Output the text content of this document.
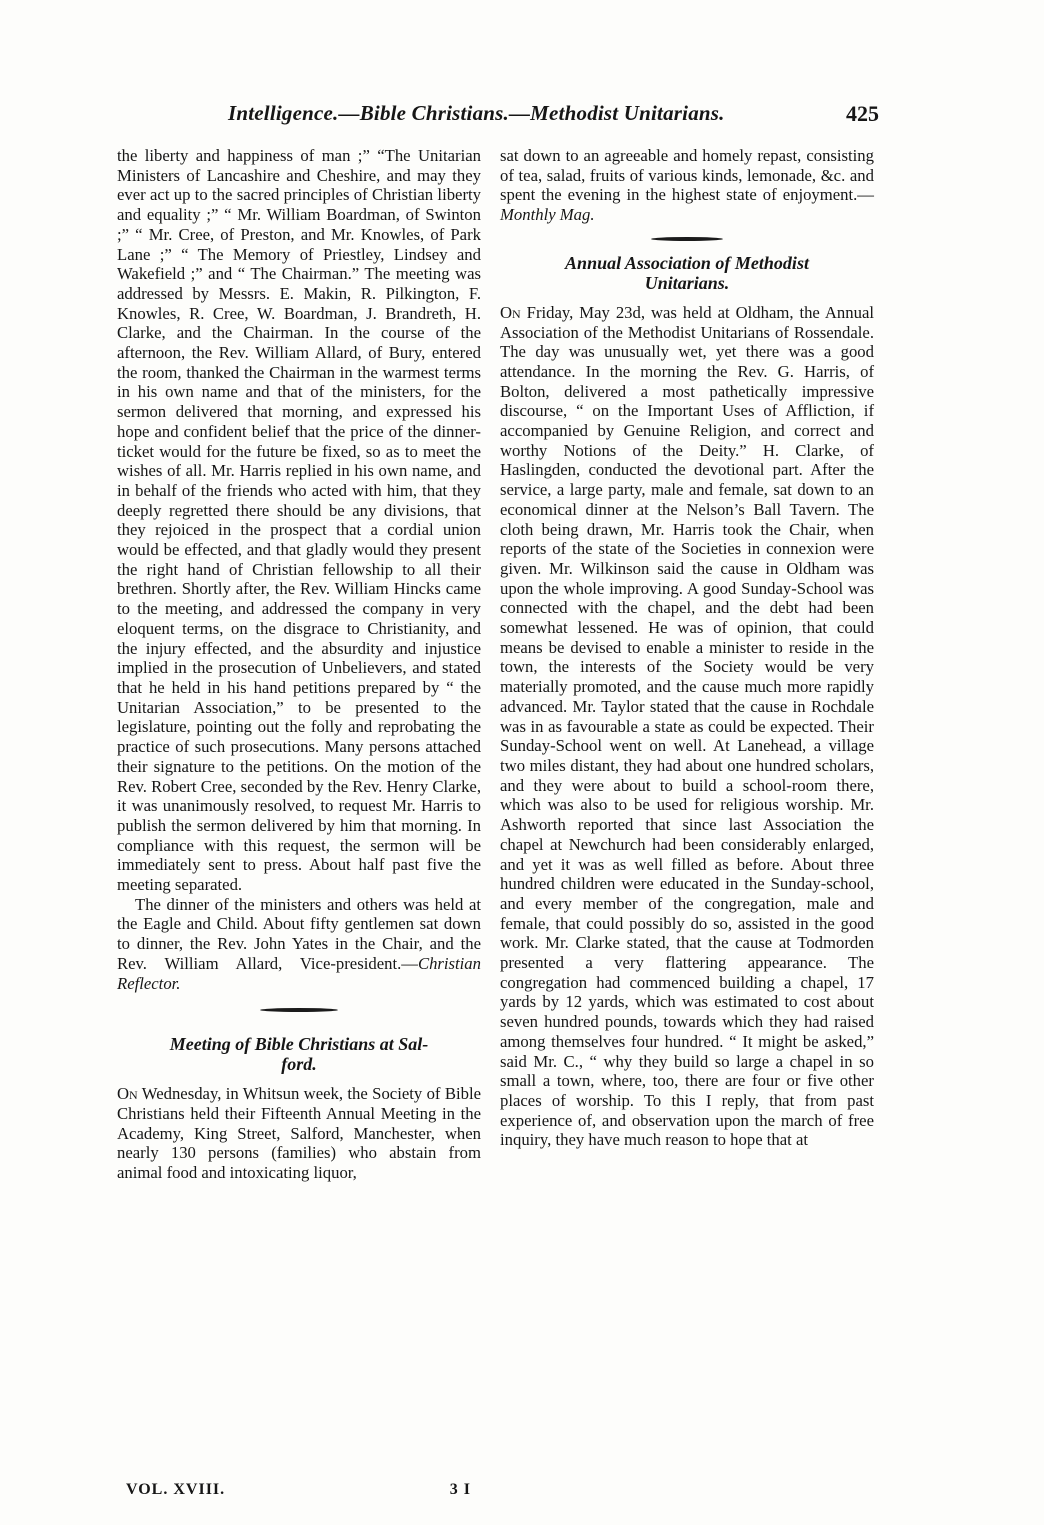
Intelligence.—Bible Christians.—Methodist Unitarians.	425

the liberty and happiness of man ;” “The Unitarian Ministers of Lancashire and Cheshire, and may they ever act up to the sacred principles of Christian liberty and equality ;” “ Mr. William Boardman, of Swinton ;” “ Mr. Cree, of Preston, and Mr. Knowles, of Park Lane ;” “ The Memory of Priestley, Lindsey and Wakefield ;” and “ The Chairman.” The meeting was addressed by Messrs. E. Makin, R. Pilkington, F. Knowles, R. Cree, W. Boardman, J. Brandreth, H. Clarke, and the Chairman. In the course of the afternoon, the Rev. William Allard, of Bury, entered the room, thanked the Chairman in the warmest terms in his own name and that of the ministers, for the sermon delivered that morning, and expressed his hope and confident belief that the price of the dinner-ticket would for the future be fixed, so as to meet the wishes of all. Mr. Harris replied in his own name, and in behalf of the friends who acted with him, that they deeply regretted there should be any divisions, that they rejoiced in the prospect that a cordial union would be effected, and that gladly would they present the right hand of Christian fellowship to all their brethren. Shortly after, the Rev. William Hincks came to the meeting, and addressed the company in very eloquent terms, on the disgrace to Christianity, and the injury effected, and the absurdity and injustice implied in the prosecution of Unbelievers, and stated that he held in his hand petitions prepared by “ the Unitarian Association,” to be presented to the legislature, pointing out the folly and reprobating the practice of such prosecutions. Many persons attached their signature to the petitions. On the motion of the Rev. Robert Cree, seconded by the Rev. Henry Clarke, it was unanimously resolved, to request Mr. Harris to publish the sermon delivered by him that morning. In compliance with this request, the sermon will be immediately sent to press. About half past five the meeting separated.

The dinner of the ministers and others was held at the Eagle and Child. About fifty gentlemen sat down to dinner, the Rev. John Yates in the Chair, and the Rev. William Allard, Vice-president.—Christian Reflector.

Meeting of Bible Christians at Sal-
ford.

On Wednesday, in Whitsun week, the Society of Bible Christians held their Fifteenth Annual Meeting in the Academy, King Street, Salford, Manchester, when nearly 130 persons (families) who abstain from animal food and intoxicating liquor,

sat down to an agreeable and homely repast, consisting of tea, salad, fruits of various kinds, lemonade, &c. and spent the evening in the highest state of enjoyment.—Monthly Mag.

Annual Association of Methodist
Unitarians.

On Friday, May 23d, was held at Oldham, the Annual Association of the Methodist Unitarians of Rossendale. The day was unusually wet, yet there was a good attendance. In the morning the Rev. G. Harris, of Bolton, delivered a most pathetically impressive discourse, “ on the Important Uses of Affliction, if accompanied by Genuine Religion, and correct and worthy Notions of the Deity.” H. Clarke, of Haslingden, conducted the devotional part. After the service, a large party, male and female, sat down to an economical dinner at the Nelson’s Ball Tavern. The cloth being drawn, Mr. Harris took the Chair, when reports of the state of the Societies in connexion were given. Mr. Wilkinson said the cause in Oldham was upon the whole improving. A good Sunday-School was connected with the chapel, and the debt had been somewhat lessened. He was of opinion, that could means be devised to enable a minister to reside in the town, the interests of the Society would be very materially promoted, and the cause much more rapidly advanced. Mr. Taylor stated that the cause in Rochdale was in as favourable a state as could be expected. Their Sunday-School went on well. At Lanehead, a village two miles distant, they had about one hundred scholars, and they were about to build a school-room there, which was also to be used for religious worship. Mr. Ashworth reported that since last Association the chapel at Newchurch had been considerably enlarged, and yet it was as well filled as before. About three hundred children were educated in the Sunday-school, and every member of the congregation, male and female, that could possibly do so, assisted in the good work. Mr. Clarke stated, that the cause at Todmorden presented a very flattering appearance. The congregation had commenced building a chapel, 17 yards by 12 yards, which was estimated to cost about seven hundred pounds, towards which they had raised among themselves four hundred. “ It might be asked,” said Mr. C., “ why they build so large a chapel in so small a town, where, too, there are four or five other places of worship. To this I reply, that from past experience of, and observation upon the march of free inquiry, they have much reason to hope that at

VOL. XVIII.	3 I
